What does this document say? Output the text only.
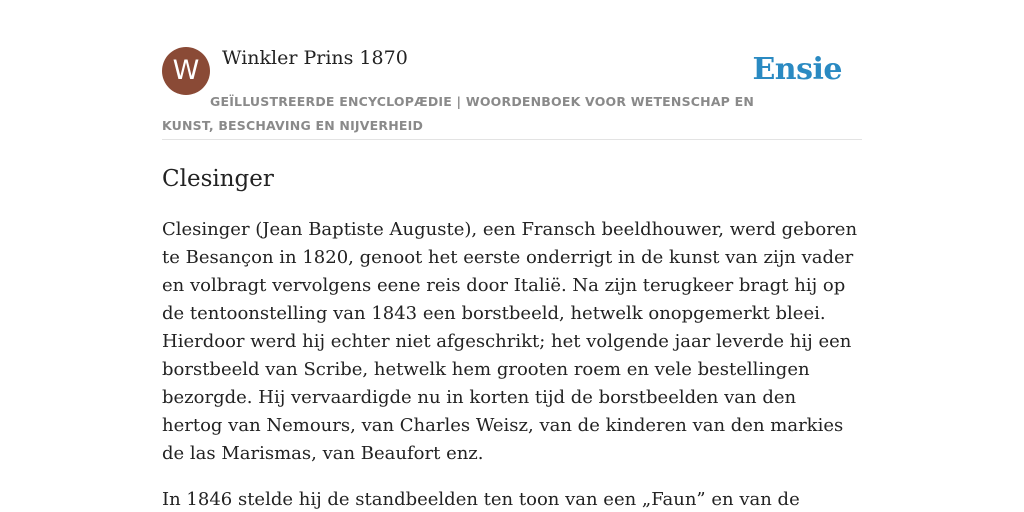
W	Winkler Prins 1870	Ensie
GEÏLLUSTREERDE ENCYCLOPÆDIE | WOORDENBOEK VOOR WETENSCHAP EN KUNST, BESCHAVING EN NIJVERHEID
Clesinger

Clesinger (Jean Baptiste Auguste), een Fransch beeldhouwer, werd geboren te Besançon in 1820, genoot het eerste onderrigt in de kunst van zijn vader en volbragt vervolgens eene reis door Italië. Na zijn terugkeer bragt hij op de tentoonstelling van 1843 een borstbeeld, hetwelk onopgemerkt bleei. Hierdoor werd hij echter niet afgeschrikt; het volgende jaar leverde hij een borstbeeld van Scribe, hetwelk hem grooten roem en vele bestellingen bezorgde. Hij vervaardigde nu in korten tijd de borstbeelden van den hertog van Nemours, van Charles Weisz, van de kinderen van den markies de las Marismas, van Beaufort enz.

In 1846 stelde hij de standbeelden ten toon van een „Faun” en van de
